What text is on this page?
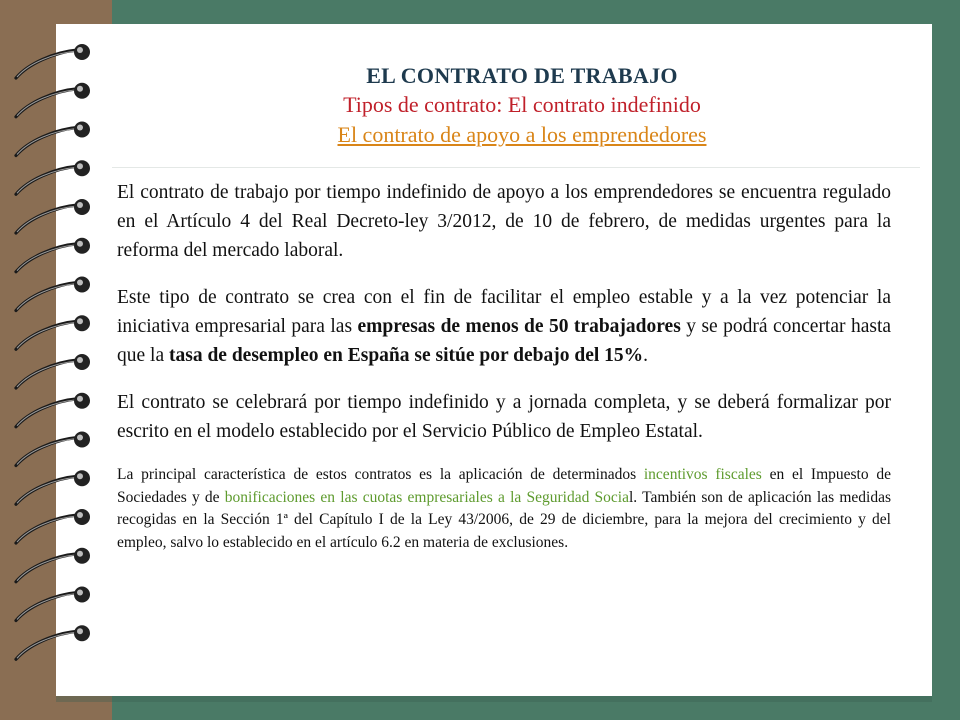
EL CONTRATO DE TRABAJO
Tipos de contrato: El contrato indefinido
El contrato de apoyo a los emprendedores

El contrato de trabajo por tiempo indefinido de apoyo a los emprendedores se encuentra regulado en el Artículo 4 del Real Decreto-ley 3/2012, de 10 de febrero, de medidas urgentes para la reforma del mercado laboral.

Este tipo de contrato se crea con el fin de facilitar el empleo estable y a la vez potenciar la iniciativa empresarial para las empresas de menos de 50 trabajadores y se podrá concertar hasta que la tasa de desempleo en España se sitúe por debajo del 15%.

El contrato se celebrará por tiempo indefinido y a jornada completa, y se deberá formalizar por escrito en el modelo establecido por el Servicio Público de Empleo Estatal.

La principal característica de estos contratos es la aplicación de determinados incentivos fiscales en el Impuesto de Sociedades y de bonificaciones en las cuotas empresariales a la Seguridad Social. También son de aplicación las medidas recogidas en la Sección 1ª del Capítulo I de la Ley 43/2006, de 29 de diciembre, para la mejora del crecimiento y del empleo, salvo lo establecido en el artículo 6.2 en materia de exclusiones.
